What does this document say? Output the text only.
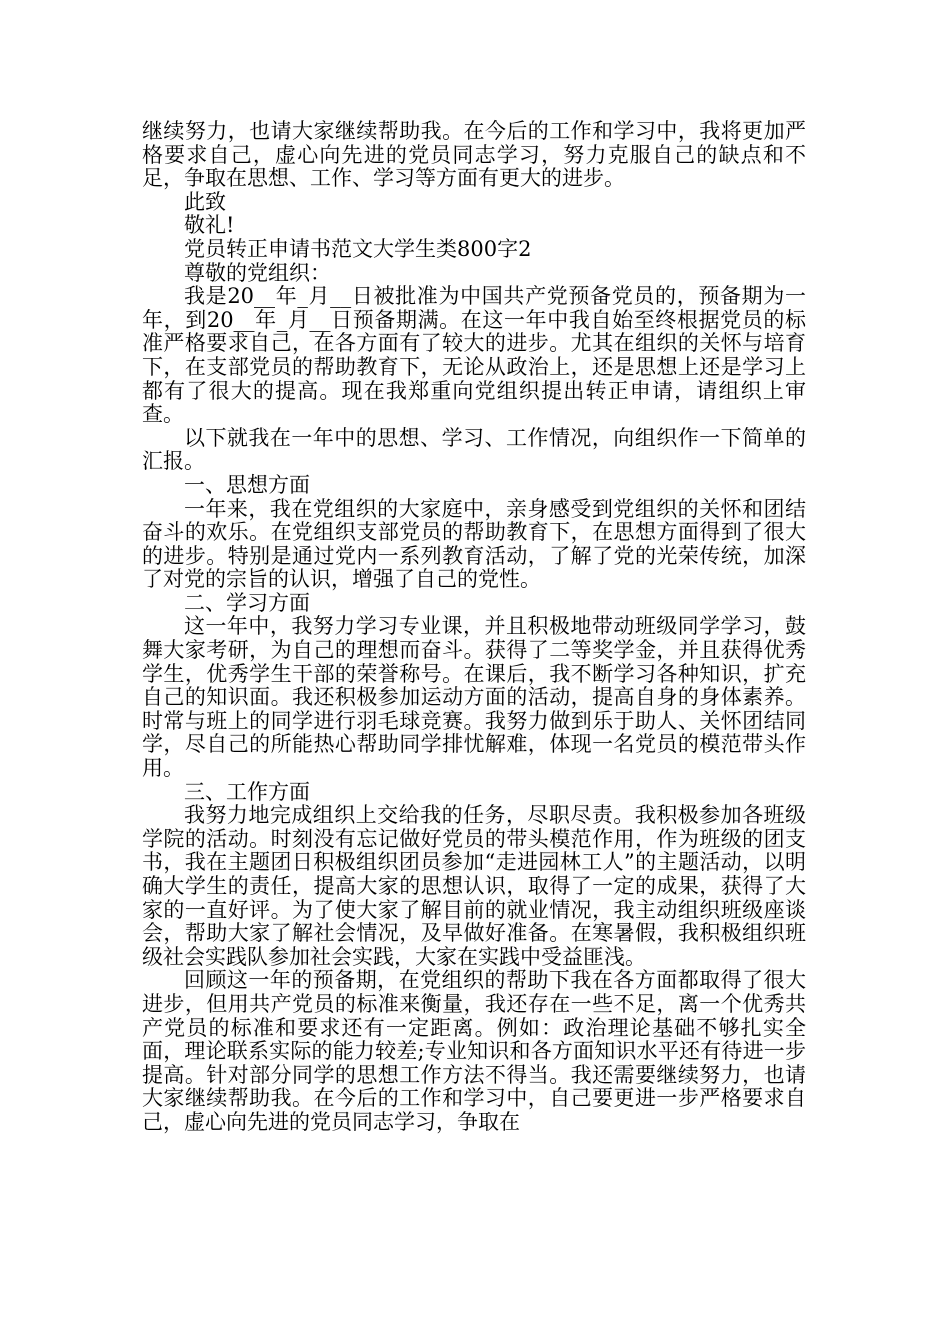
继续努力，也请大家继续帮助我。在今后的工作和学习中，我将更加严格要求自己，虚心向先进的党员同志学习，努力克服自己的缺点和不足，争取在思想、工作、学习等方面有更大的进步。

此致

敬礼!

党员转正申请书范文大学生类800字2

尊敬的党组织：

我是20__年_月__日被批准为中国共产党预备党员的，预备期为一年，到20__年_月__日预备期满。在这一年中我自始至终根据党员的标准严格要求自己，在各方面有了较大的进步。尤其在组织的关怀与培育下，在支部党员的帮助教育下，无论从政治上，还是思想上还是学习上都有了很大的提高。现在我郑重向党组织提出转正申请，请组织上审查。

以下就我在一年中的思想、学习、工作情况，向组织作一下简单的汇报。

一、思想方面

一年来，我在党组织的大家庭中，亲身感受到党组织的关怀和团结奋斗的欢乐。在党组织支部党员的帮助教育下，在思想方面得到了很大的进步。特别是通过党内一系列教育活动，了解了党的光荣传统，加深了对党的宗旨的认识，增强了自己的党性。

二、学习方面

这一年中，我努力学习专业课，并且积极地带动班级同学学习，鼓舞大家考研，为自己的理想而奋斗。获得了二等奖学金，并且获得优秀学生，优秀学生干部的荣誉称号。在课后，我不断学习各种知识，扩充自己的知识面。我还积极参加运动方面的活动，提高自身的身体素养。时常与班上的同学进行羽毛球竞赛。我努力做到乐于助人、关怀团结同学，尽自己的所能热心帮助同学排忧解难，体现一名党员的模范带头作用。

三、工作方面

我努力地完成组织上交给我的任务，尽职尽责。我积极参加各班级学院的活动。时刻没有忘记做好党员的带头模范作用，作为班级的团支书，我在主题团日积极组织团员参加“走进园林工人”的主题活动，以明确大学生的责任，提高大家的思想认识，取得了一定的成果，获得了大家的一直好评。为了使大家了解目前的就业情况，我主动组织班级座谈会，帮助大家了解社会情况，及早做好准备。在寒暑假，我积极组织班级社会实践队参加社会实践，大家在实践中受益匪浅。

回顾这一年的预备期，在党组织的帮助下我在各方面都取得了很大进步，但用共产党员的标准来衡量，我还存在一些不足，离一个优秀共产党员的标准和要求还有一定距离。例如：政治理论基础不够扎实全面，理论联系实际的能力较差;专业知识和各方面知识水平还有待进一步提高。针对部分同学的思想工作方法不得当。我还需要继续努力，也请大家继续帮助我。在今后的工作和学习中，自己要更进一步严格要求自己，虚心向先进的党员同志学习，争取在
